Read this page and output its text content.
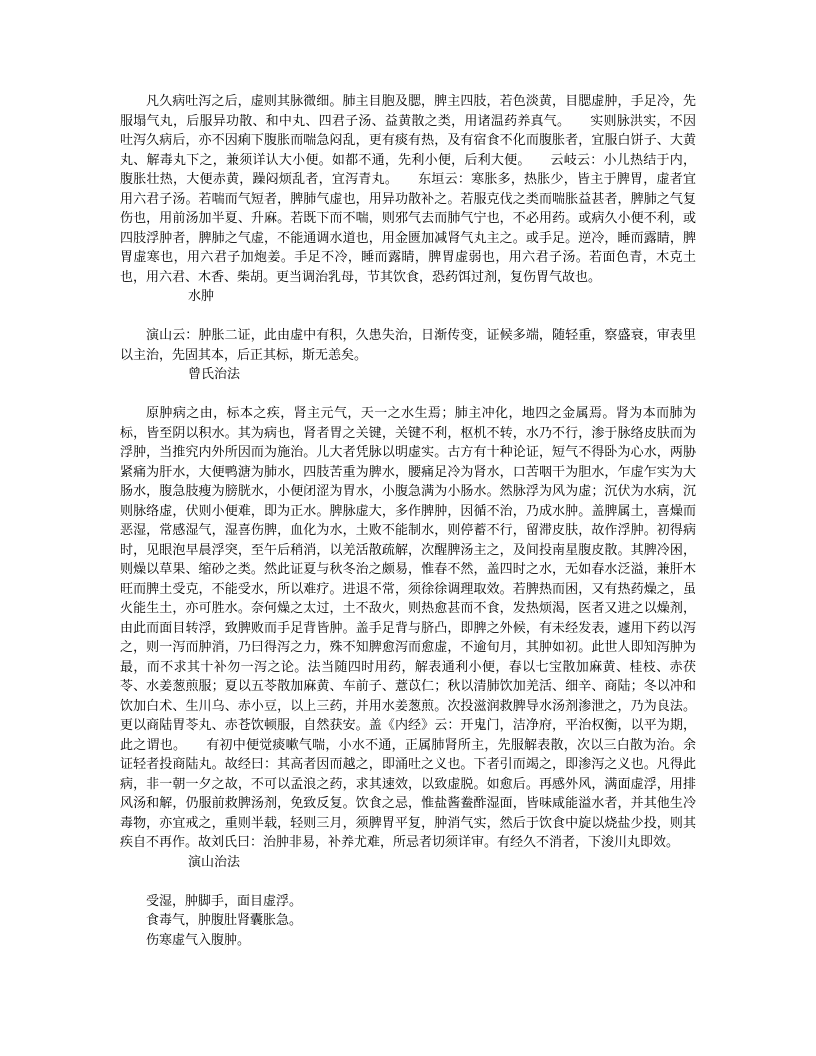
凡久病吐泻之后，虚则其脉微细。肺主目胞及腮，脾主四肢，若色淡黄，目腮虚肿，手足冷，先服塌气丸，后服异功散、和中丸、四君子汤、益黄散之类，用诸温药养真气。　　实则脉洪实，不因吐泻久病后，亦不因痢下腹胀而喘急闷乱，更有痰有热，及有宿食不化而腹胀者，宜服白饼子、大黄丸、解毒丸下之，兼须详认大小便。如都不通，先利小便，后利大便。　　云岐云：小儿热结于内，腹胀壮热，大便赤黄，躁闷烦乱者，宜泻青丸。　　东垣云：寒胀多，热胀少，皆主于脾胃，虚者宜用六君子汤。若喘而气短者，脾肺气虚也，用异功散补之。若服克伐之类而喘胀益甚者，脾肺之气复伤也，用前汤加半夏、升麻。若既下而不喘，则邪气去而肺气宁也，不必用药。或病久小便不利，或四肢浮肿者，脾肺之气虚，不能通调水道也，用金匮加减肾气丸主之。或手足。逆冷，睡而露睛，脾胃虚寒也，用六君子加炮姜。手足不冷，睡而露睛，脾胃虚弱也，用六君子汤。若面色青，木克土也，用六君、木香、柴胡。更当调治乳母，节其饮食，恐药饵过剂，复伤胃气故也。

水肿

演山云：肿胀二证，此由虚中有积，久患失治，日渐传变，证候多端，随轻重，察盛衰，审表里以主治，先固其本，后正其标，斯无恙矣。

曾氏治法

原肿病之由，标本之疾，肾主元气，天一之水生焉；肺主冲化，地四之金属焉。肾为本而肺为标，皆至阴以积水。其为病也，肾者胃之关键，关键不利，枢机不转，水乃不行，渗于脉络皮肤而为浮肿，当推究内外所因而为施治。儿大者凭脉以明虚实。古方有十种论证，短气不得卧为心水，两胁紧痛为肝水，大便鸭溏为肺水，四肢苦重为脾水，腰痛足冷为肾水，口苦咽干为胆水，乍虚乍实为大肠水，腹急肢瘦为膀胱水，小便闭涩为胃水，小腹急满为小肠水。然脉浮为风为虚；沉伏为水病，沉则脉络虚，伏则小便难，即为正水。脾脉虚大，多作脾肿，因循不治，乃成水肿。盖脾属土，喜燥而恶湿，常感湿气，湿喜伤脾，血化为水，土败不能制水，则停蓄不行，留滞皮肤，故作浮肿。初得病时，见眼泡早晨浮突，至午后稍消，以羌活散疏解，次醒脾汤主之，及间投南星腹皮散。其脾冷困，则燥以草果、缩砂之类。然此证夏与秋冬治之颇易，惟春不然，盖四时之水，无如春水泛溢，兼肝木旺而脾土受克，不能受水，所以难疗。进退不常，须徐徐调理取效。若脾热而困，又有热药燥之，虽火能生土，亦可胜水。奈何燥之太过，土不敌火，则热愈甚而不食，发热烦渴，医者又进之以燥剂，由此而面目转浮，致脾败而手足背皆肿。盖手足背与脐凸，即脾之外候，有未经发表，遽用下药以泻之，则一泻而肿消，乃曰得泻之力，殊不知脾愈泻而愈虚，不逾旬月，其肿如初。此世人即知泻肿为最，而不求其十补勿一泻之论。法当随四时用药，解表通利小便，春以七宝散加麻黄、桂枝、赤茯苓、水姜葱煎服；夏以五苓散加麻黄、车前子、薏苡仁；秋以清肺饮加羌活、细辛、商陆；冬以冲和饮加白术、生川乌、赤小豆，以上三药，并用水姜葱煎。次投滋润救脾导水汤剂渗泄之，乃为良法。更以商陆胃苓丸、赤苍饮顿服，自然获安。盖《内经》云：开鬼门，洁净府，平治权衡，以平为期，此之谓也。　　有初中便觉痰嗽气喘，小水不通，正属肺肾所主，先服解表散，次以三白散为治。余证轻者投商陆丸。故经曰：其高者因而越之，即涌吐之义也。下者引而竭之，即渗泻之义也。凡得此病，非一朝一夕之故，不可以孟浪之药，求其速效，以致虚脱。如愈后。再感外风，满面虚浮，用排风汤和解，仍服前救脾汤剂，免致反复。饮食之忌，惟盐酱鲞酢湿面，皆味咸能溢水者，并其他生冷毒物，亦宜戒之，重则半载，轻则三月，须脾胃平复，肿消气实，然后于饮食中旋以烧盐少投，则其疾自不再作。故刘氏曰：治肿非易，补养尤难，所忌者切须详审。有经久不消者，下浚川丸即效。

演山治法

受湿，肿脚手，面目虚浮。

食毒气，肿腹肚肾囊胀急。

伤寒虚气入腹肿。
